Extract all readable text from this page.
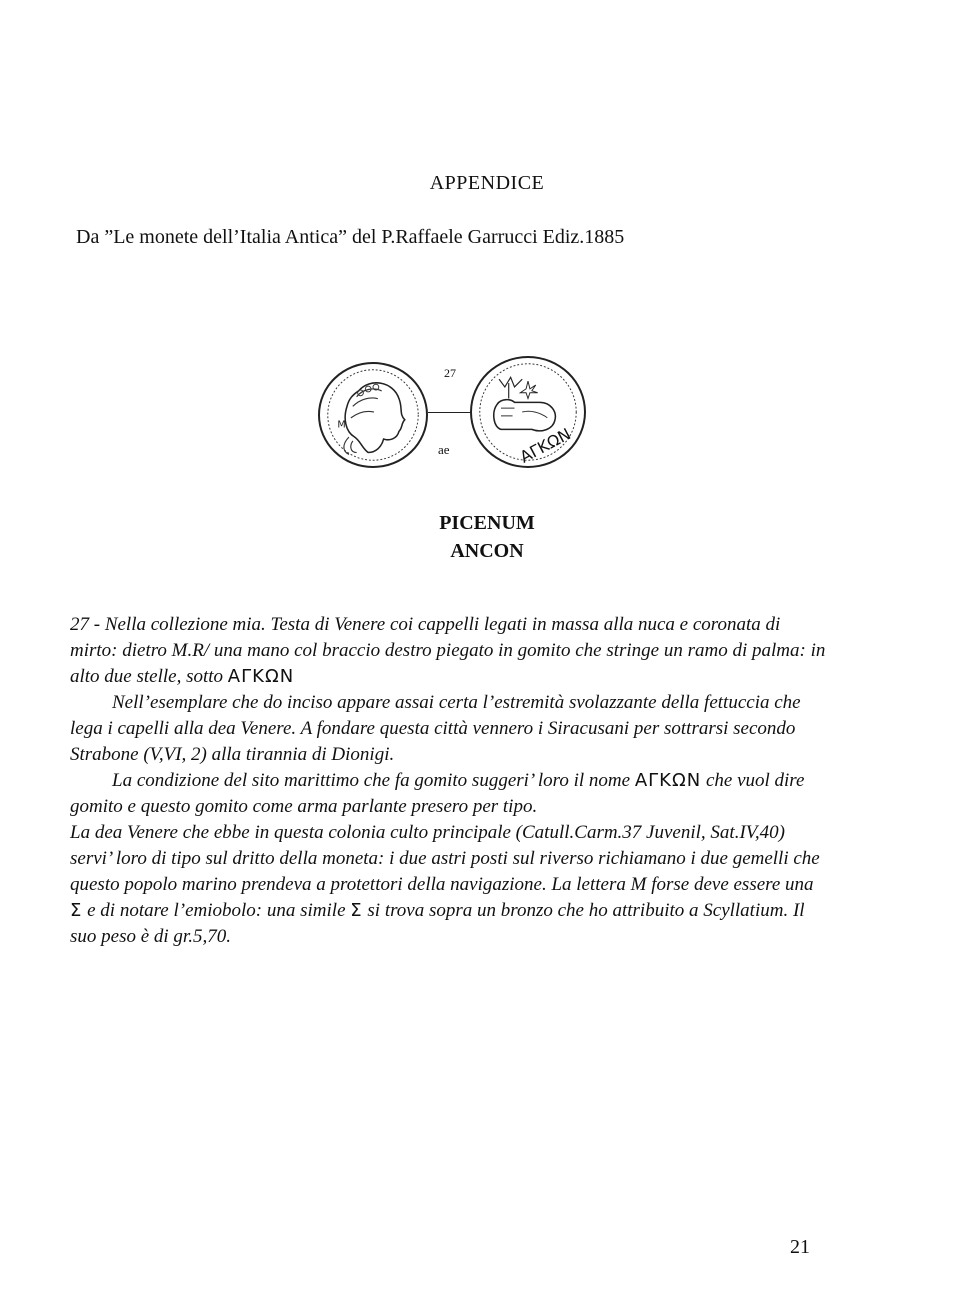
APPENDICE
Da ”Le monete dell’Italia Antica” del P.Raffaele Garrucci Ediz.1885
M
27
ae	ΑΓΚΩΝ
PICENUM
ANCON

27 - Nella collezione mia. Testa di Venere coi cappelli legati in massa alla nuca e coronata di mirto: dietro M.R/ una mano col braccio destro piegato in gomito che stringe un ramo di palma: in alto due stelle, sotto ΑΓΚΩΝ

Nell’esemplare che do inciso appare assai certa l’estremità svolazzante della fettuccia che lega i capelli alla dea Venere. A fondare questa città vennero i Siracusani per sottrarsi secondo Strabone (V,VI, 2) alla tirannia di Dionigi.

La condizione del sito marittimo che fa gomito suggeri’ loro il nome ΑΓΚΩΝ che vuol dire gomito e questo gomito come arma parlante presero per tipo.

La dea Venere che ebbe in questa colonia culto principale (Catull.Carm.37 Juvenil, Sat.IV,40) servi’ loro di tipo sul dritto della moneta: i due astri posti sul riverso richiamano i due gemelli che questo popolo marino prendeva a protettori della navigazione. La lettera M forse deve essere una Ʃ e di notare l’emiobolo: una simile Σ si trova sopra un bronzo che ho attribuito a Scyllatium. Il suo peso è di gr.5,70.

21
